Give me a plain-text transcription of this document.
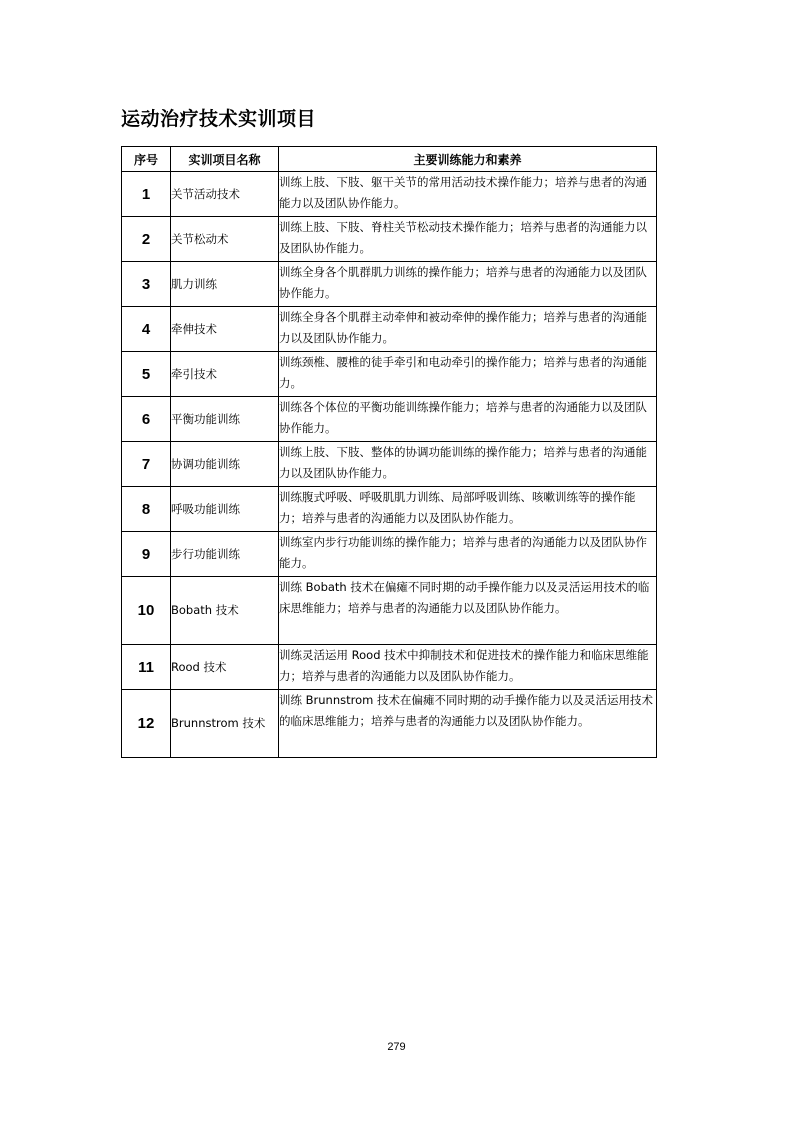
运动治疗技术实训项目
序号	实训项目名称	主要训练能力和素养
1	关节活动技术	训练上肢、下肢、躯干关节的常用活动技术操作能力；培养与患者的沟通能力以及团队协作能力。
2	关节松动术	训练上肢、下肢、脊柱关节松动技术操作能力；培养与患者的沟通能力以及团队协作能力。
3	肌力训练	训练全身各个肌群肌力训练的操作能力；培养与患者的沟通能力以及团队协作能力。
4	牵伸技术	训练全身各个肌群主动牵伸和被动牵伸的操作能力；培养与患者的沟通能力以及团队协作能力。
5	牵引技术	训练颈椎、腰椎的徒手牵引和电动牵引的操作能力；培养与患者的沟通能力。
6	平衡功能训练	训练各个体位的平衡功能训练操作能力；培养与患者的沟通能力以及团队协作能力。
7	协调功能训练	训练上肢、下肢、整体的协调功能训练的操作能力；培养与患者的沟通能力以及团队协作能力。
8	呼吸功能训练	训练腹式呼吸、呼吸肌肌力训练、局部呼吸训练、咳嗽训练等的操作能力；培养与患者的沟通能力以及团队协作能力。
9	步行功能训练	训练室内步行功能训练的操作能力；培养与患者的沟通能力以及团队协作能力。
10	Bobath 技术	训练 Bobath 技术在偏瘫不同时期的动手操作能力以及灵活运用技术的临床思维能力；培养与患者的沟通能力以及团队协作能力。
11	Rood 技术	训练灵活运用 Rood 技术中抑制技术和促进技术的操作能力和临床思维能力；培养与患者的沟通能力以及团队协作能力。
12	Brunnstrom 技术	训练 Brunnstrom 技术在偏瘫不同时期的动手操作能力以及灵活运用技术的临床思维能力；培养与患者的沟通能力以及团队协作能力。
279
